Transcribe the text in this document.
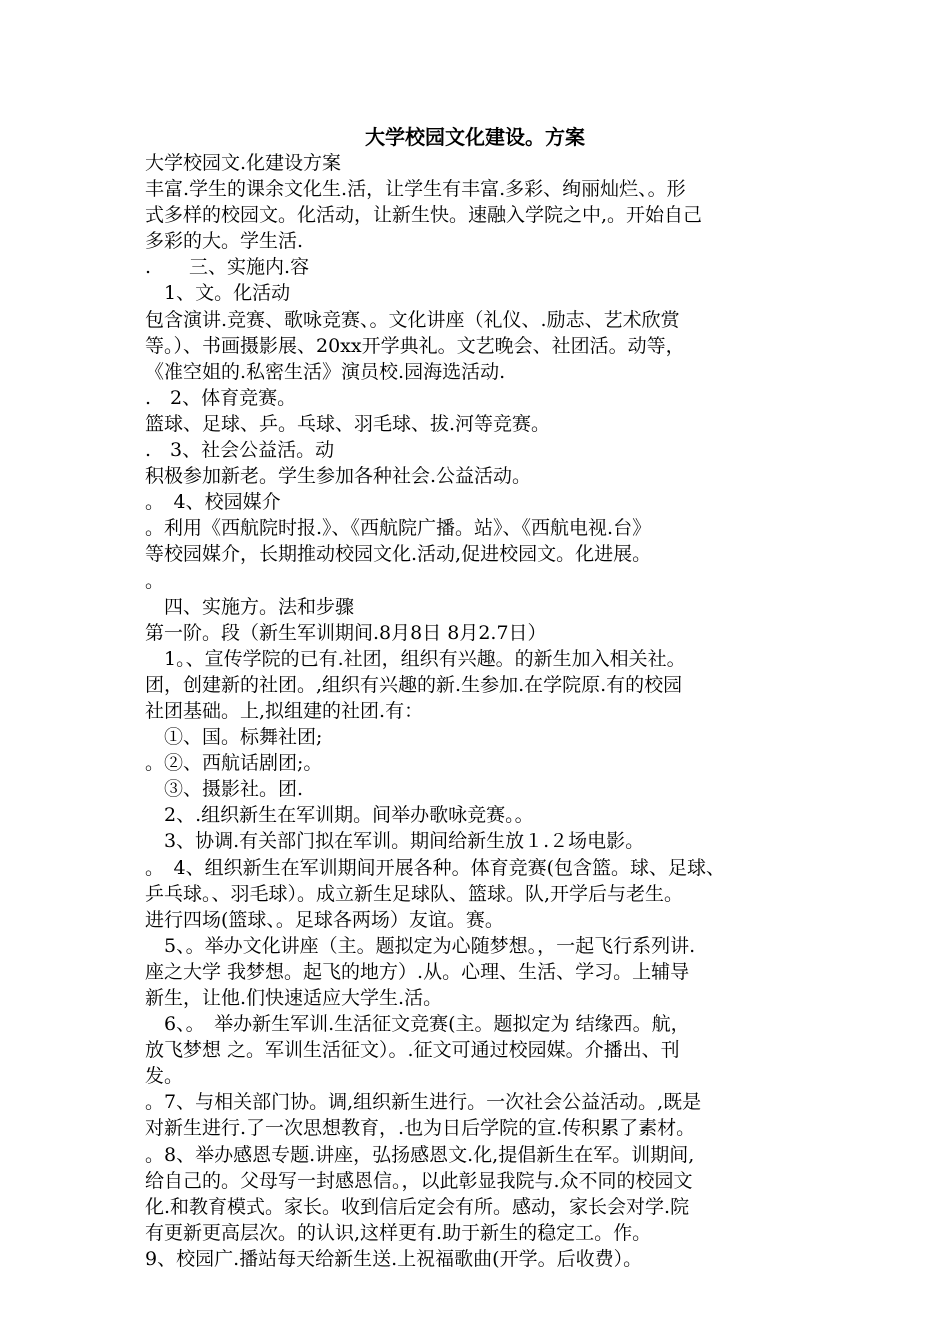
大学校园文化建设。方案
大学校园文.化建设方案
丰富.学生的课余文化生.活，让学生有丰富.多彩、绚丽灿烂、。形
式多样的校园文。化活动，让新生快。速融入学院之中,。开始自己
多彩的大。学生活.
.　　三、实施内.容
　1、文。化活动
包含演讲.竞赛、歌咏竞赛、。文化讲座（礼仪、.励志、艺术欣赏
等。）、书画摄影展、20xx开学典礼。文艺晚会、社团活。动等，
《准空姐的.私密生活》演员校.园海选活动.
.　2、体育竞赛。
篮球、足球、乒。乓球、羽毛球、拔.河等竞赛。
.　3、社会公益活。动
积极参加新老。学生参加各种社会.公益活动。
。　4、校园媒介
。利用《西航院时报.》、《西航院广播。站》、《西航电视.台》
等校园媒介，长期推动校园文化.活动,促进校园文。化进展。
。
　四、实施方。法和步骤
第一阶。段（新生军训期间.8月8日 8月2.7日）
　1。、宣传学院的已有.社团，组织有兴趣。的新生加入相关社。
团，创建新的社团。,组织有兴趣的新.生参加.在学院原.有的校园
社团基础。上,拟组建的社团.有：
　①、国。标舞社团;
。②、西航话剧团;。
　③、摄影社。团.
　2、.组织新生在军训期。间举办歌咏竞赛。。
　3、协调.有关部门拟在军训。期间给新生放１.２场电影。
。　4、组织新生在军训期间开展各种。体育竞赛(包含篮。球、足球、
乒乓球。、羽毛球）。成立新生足球队、篮球。队,开学后与老生。
进行四场(篮球、。足球各两场）友谊。赛。
　5、。举办文化讲座（主。题拟定为心随梦想。，一起飞行系列讲.
座之大学 我梦想。起飞的地方）.从。心理、生活、学习。上辅导
新生，让他.们快速适应大学生.活。
　6、。　举办新生军训.生活征文竞赛(主。题拟定为 结缘西。航，
放飞梦想 之。军训生活征文）。.征文可通过校园媒。介播出、刊
发。
。7、与相关部门协。调,组织新生进行。一次社会公益活动。,既是
对新生进行.了一次思想教育，.也为日后学院的宣.传积累了素材。
。8、举办感恩专题.讲座，弘扬感恩文.化,提倡新生在军。训期间,
给自己的。父母写一封感恩信。，以此彰显我院与.众不同的校园文
化.和教育模式。家长。收到信后定会有所。感动，家长会对学.院
有更新更高层次。的认识,这样更有.助于新生的稳定工。作。
9、校园广.播站每天给新生送.上祝福歌曲(开学。后收费）。
